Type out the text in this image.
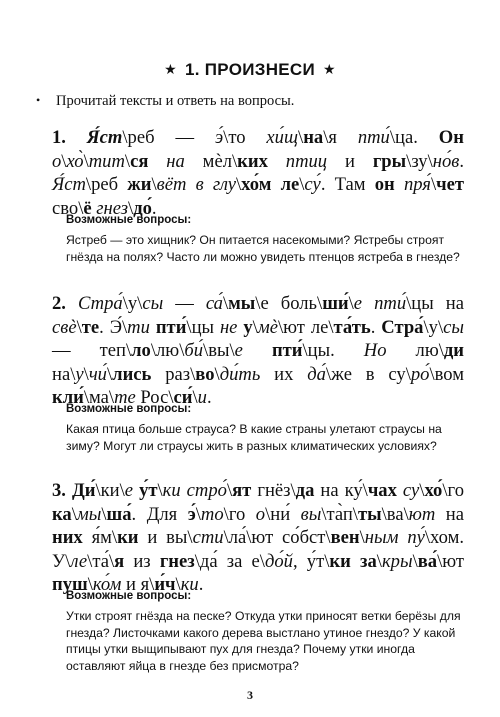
★ 1. ПРОИЗНЕСИ ★
• Прочитай тексты и ответь на вопросы.

1. Я́ст\реб — э́\то хи́щ\на\я пти́\ца. Он о\хо̀\тит\ся на мѐл\ких птиц и гры\зу\но́в. Я́ст\реб жи\вёт в глу\хо́м ле\су́. Там он пря́\чет сво\ё гнез\до́.

Возможные вопросы:

Ястреб — это хищник? Он питается насекомыми? Ястребы строят гнёзда на полях? Часто ли можно увидеть птенцов ястреба в гнезде?

2. Стра́\у\сы — са́\мы\е боль\ши́\е пти́\цы на свѐ\те. Э́\ти пти́\цы не у\мѐ\ют ле\та́ть. Стра́\у\сы — теп\ло\лю\би́\вы\е пти́\цы. Но лю\ди на\у\чи́\лись раз\во\ди́ть их да́\же в су\ро́\вом кли́\ма\те Рос\си́\и.

Возможные вопросы:

Какая птица больше страуса? В какие страны улетают страусы на зиму? Могут ли страусы жить в разных климатических условиях?

3. Ди́\ки\е у́т\ки стро́\ят гнёз\да на ку́\чах су\хо́\го ка\мы\ша́. Для э́\то\го о\ни́ вы\та̀п\ты\ва\ют на них я́м\ки и вы\сти\ла́\ют со́бст\вен\ным пу́\хом. У\ле\та́\я из гнез\да́ за е\до́й, у́т\ки за\кры\ва́\ют пуш\ко́м и я\и́ч\ки.

Возможные вопросы:

Утки строят гнёзда на песке? Откуда утки приносят ветки берёзы для гнезда? Листочками какого дерева выстлано утиное гнездо? У какой птицы утки выщипывают пух для гнезда? Почему утки иногда оставляют яйца в гнезде без присмотра?

3
